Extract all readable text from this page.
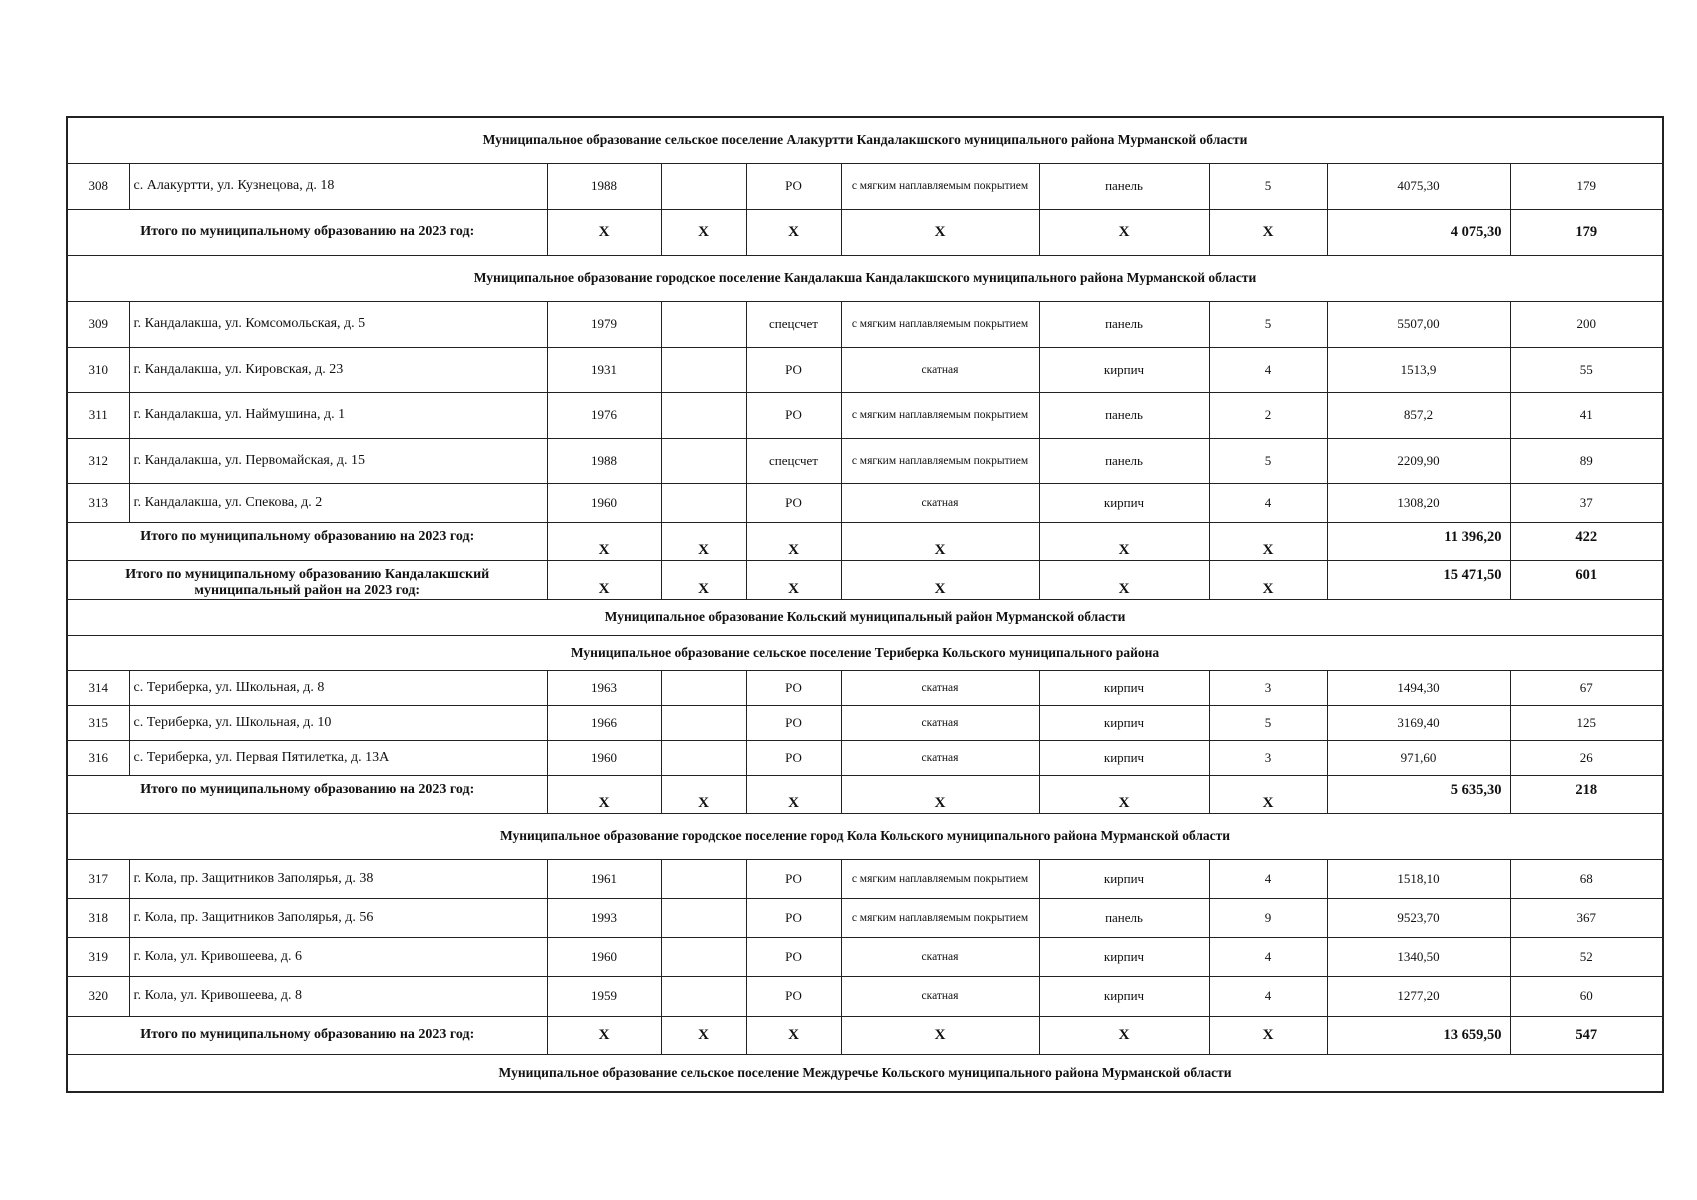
Муниципальное образование сельское поселение Алакуртти Кандалакшского муниципального района Мурманской области									
308	с. Алакуртти, ул. Кузнецова, д. 18	1988		РО	с мягким наплавляемым покрытием	панель	5	4075,30	179
Итого по муниципальному образованию на 2023 год:		X	X	X	X	X	X	4 075,30	179
Муниципальное образование городское поселение Кандалакша Кандалакшского муниципального района Мурманской области									
309	г. Кандалакша, ул. Комсомольская, д. 5	1979		спецсчет	с мягким наплавляемым покрытием	панель	5	5507,00	200
310	г. Кандалакша, ул. Кировская, д. 23	1931		РО	скатная	кирпич	4	1513,9	55
311	г. Кандалакша, ул. Наймушина, д. 1	1976		РО	с мягким наплавляемым покрытием	панель	2	857,2	41
312	г. Кандалакша, ул. Первомайская, д. 15	1988		спецсчет	с мягким наплавляемым покрытием	панель	5	2209,90	89
313	г. Кандалакша, ул. Спекова, д. 2	1960		РО	скатная	кирпич	4	1308,20	37
Итого по муниципальному образованию на 2023 год:		X	X	X	X	X	X	11 396,20	422
Итого по муниципальному образованию Кандалакшский муниципальный район на 2023 год:		X	X	X	X	X	X	15 471,50	601
Муниципальное образование Кольский муниципальный район Мурманской области									
Муниципальное образование сельское поселение Териберка Кольского муниципального района									
314	с. Териберка, ул. Школьная, д. 8	1963		РО	скатная	кирпич	3	1494,30	67
315	с. Териберка, ул. Школьная, д. 10	1966		РО	скатная	кирпич	5	3169,40	125
316	с. Териберка, ул. Первая Пятилетка, д. 13А	1960		РО	скатная	кирпич	3	971,60	26
Итого по муниципальному образованию на 2023 год:		X	X	X	X	X	X	5 635,30	218
Муниципальное образование городское поселение город Кола Кольского муниципального района Мурманской области									
317	г. Кола, пр. Защитников Заполярья, д. 38	1961		РО	с мягким наплавляемым покрытием	кирпич	4	1518,10	68
318	г. Кола, пр. Защитников Заполярья, д. 56	1993		РО	с мягким наплавляемым покрытием	панель	9	9523,70	367
319	г. Кола, ул. Кривошеева, д. 6	1960		РО	скатная	кирпич	4	1340,50	52
320	г. Кола, ул. Кривошеева, д. 8	1959		РО	скатная	кирпич	4	1277,20	60
Итого по муниципальному образованию на 2023 год:		X	X	X	X	X	X	13 659,50	547
Муниципальное образование сельское поселение Междуречье Кольского муниципального района Мурманской области									
